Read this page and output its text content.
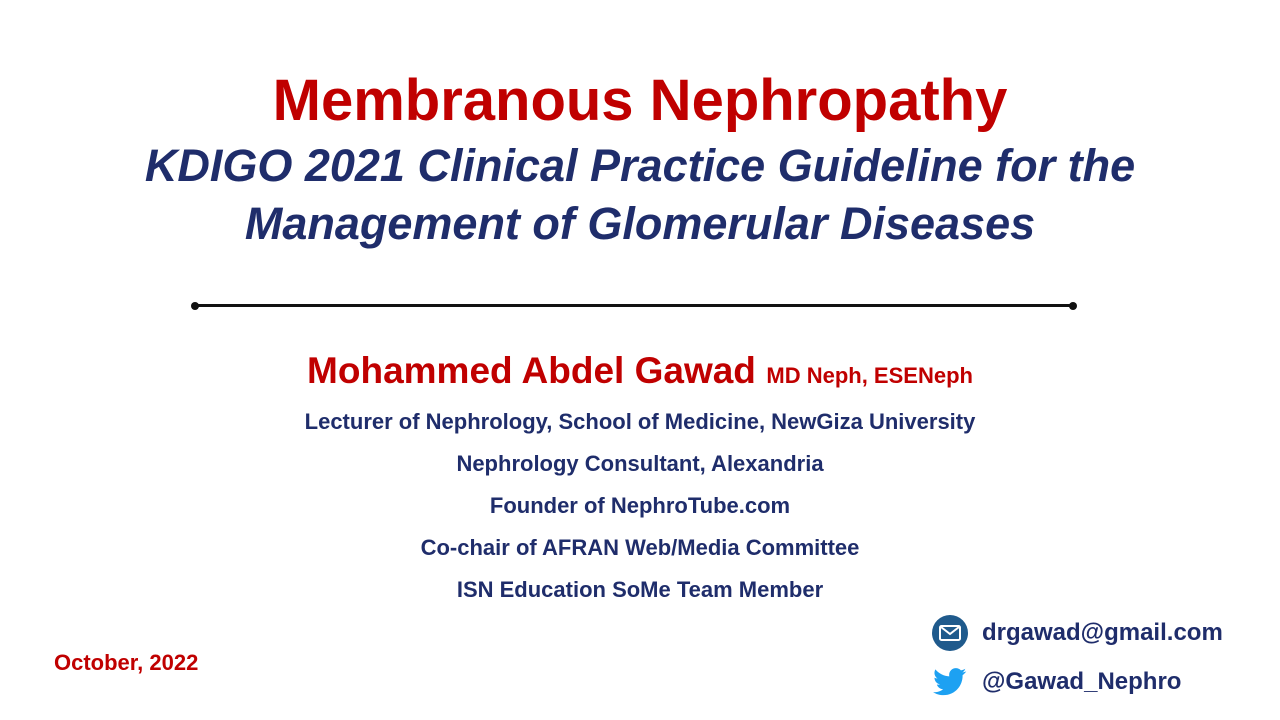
Membranous Nephropathy
KDIGO 2021 Clinical Practice Guideline for the
Management of Glomerular Diseases
Mohammed Abdel Gawad MD Neph, ESENeph
Lecturer of Nephrology, School of Medicine, NewGiza University
Nephrology Consultant, Alexandria
Founder of NephroTube.com
Co-chair of AFRAN Web/Media Committee
ISN Education SoMe Team Member
October, 2022
drgawad@gmail.com
@Gawad_Nephro
